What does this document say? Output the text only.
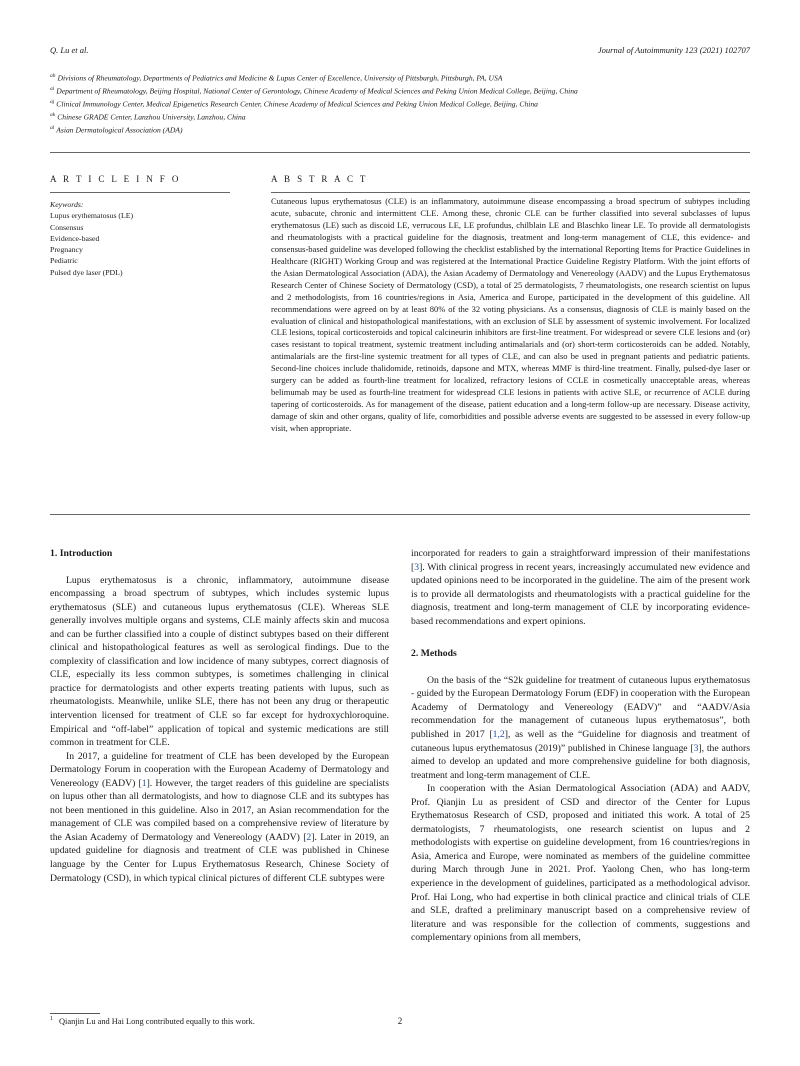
Q. Lu et al.	Journal of Autoimmunity 123 (2021) 102707
$^{ah}$ Divisions of Rheumatology, Departments of Pediatrics and Medicine & Lupus Center of Excellence, University of Pittsburgh, Pittsburgh, PA, USA
$^{ai}$ Department of Rheumatology, Beijing Hospital, National Center of Gerontology, Chinese Academy of Medical Sciences and Peking Union Medical College, Beijing, China
$^{aj}$ Clinical Immunology Center, Medical Epigenetics Research Center, Chinese Academy of Medical Sciences and Peking Union Medical College, Beijing, China
$^{ak}$ Chinese GRADE Center, Lanzhou University, Lanzhou, China
$^{al}$ Asian Dermatological Association (ADA)
A R T I C L E I N F O	A B S T R A C T
Keywords:
Lupus erythematosus (LE)
Consensus
Evidence-based
Pregnancy
Pediatric
Pulsed dye laser (PDL)
Cutaneous lupus erythematosus (CLE) is an inflammatory, autoimmune disease encompassing a broad spectrum of subtypes including acute, subacute, chronic and intermittent CLE. Among these, chronic CLE can be further classified into several subclasses of lupus erythematosus (LE) such as discoid LE, verrucous LE, LE profundus, chilblain LE and Blaschko linear LE. To provide all dermatologists and rheumatologists with a practical guideline for the diagnosis, treatment and long-term management of CLE, this evidence- and consensus-based guideline was developed following the checklist established by the international Reporting Items for Practice Guidelines in Healthcare (RIGHT) Working Group and was registered at the International Practice Guideline Registry Platform. With the joint efforts of the Asian Dermatological Association (ADA), the Asian Academy of Dermatology and Venereology (AADV) and the Lupus Erythematosus Research Center of Chinese Society of Dermatology (CSD), a total of 25 dermatologists, 7 rheumatologists, one research scientist on lupus and 2 methodologists, from 16 countries/regions in Asia, America and Europe, participated in the development of this guideline. All recommendations were agreed on by at least 80% of the 32 voting physicians. As a consensus, diagnosis of CLE is mainly based on the evaluation of clinical and histopathological manifestations, with an exclusion of SLE by assessment of systemic involvement. For localized CLE lesions, topical corticosteroids and topical calcineurin inhibitors are first-line treatment. For widespread or severe CLE lesions and (or) cases resistant to topical treatment, systemic treatment including antimalarials and (or) short-term corticosteroids can be added. Notably, antimalarials are the first-line systemic treatment for all types of CLE, and can also be used in pregnant patients and pediatric patients. Second-line choices include thalidomide, retinoids, dapsone and MTX, whereas MMF is third-line treatment. Finally, pulsed-dye laser or surgery can be added as fourth-line treatment for localized, refractory lesions of CCLE in cosmetically unacceptable areas, whereas belimumab may be used as fourth-line treatment for widespread CLE lesions in patients with active SLE, or recurrence of ACLE during tapering of corticosteroids. As for management of the disease, patient education and a long-term follow-up are necessary. Disease activity, damage of skin and other organs, quality of life, comorbidities and possible adverse events are suggested to be assessed in every follow-up visit, when appropriate.
1. Introduction

Lupus erythematosus is a chronic, inflammatory, autoimmune disease encompassing a broad spectrum of subtypes, which includes systemic lupus erythematosus (SLE) and cutaneous lupus erythematosus (CLE). Whereas SLE generally involves multiple organs and systems, CLE mainly affects skin and mucosa and can be further classified into a couple of distinct subtypes based on their different clinical and histopathological features as well as serological findings. Due to the complexity of classification and low incidence of many subtypes, correct diagnosis of CLE, especially its less common subtypes, is sometimes challenging in clinical practice for dermatologists and other experts treating patients with lupus, such as rheumatologists. Meanwhile, unlike SLE, there has not been any drug or therapeutic intervention licensed for treatment of CLE so far except for hydroxychloroquine. Empirical and “off-label” application of topical and systemic medications are still common in treatment for CLE.

In 2017, a guideline for treatment of CLE has been developed by the European Dermatology Forum in cooperation with the European Academy of Dermatology and Venereology (EADV) [1]. However, the target readers of this guideline are specialists on lupus other than all dermatologists, and how to diagnose CLE and its subtypes has not been mentioned in this guideline. Also in 2017, an Asian recommendation for the management of CLE was compiled based on a comprehensive review of literature by the Asian Academy of Dermatology and Venereology (AADV) [2]. Later in 2019, an updated guideline for diagnosis and treatment of CLE was published in Chinese language by the Center for Lupus Erythematosus Research, Chinese Society of Dermatology (CSD), in which typical clinical pictures of different CLE subtypes were

incorporated for readers to gain a straightforward impression of their manifestations [3]. With clinical progress in recent years, increasingly accumulated new evidence and updated opinions need to be incorporated in the guideline. The aim of the present work is to provide all dermatologists and rheumatologists with a practical guideline for the diagnosis, treatment and long-term management of CLE by incorporating evidence-based recommendations and expert opinions.

2. Methods

On the basis of the “S2k guideline for treatment of cutaneous lupus erythematosus - guided by the European Dermatology Forum (EDF) in cooperation with the European Academy of Dermatology and Venereology (EADV)” and “AADV/Asia recommendation for the management of cutaneous lupus erythematosus”, both published in 2017 [1,2], as well as the “Guideline for diagnosis and treatment of cutaneous lupus erythematosus (2019)” published in Chinese language [3], the authors aimed to develop an updated and more comprehensive guideline for both diagnosis, treatment and long-term management of CLE.

In cooperation with the Asian Dermatological Association (ADA) and AADV, Prof. Qianjin Lu as president of CSD and director of the Center for Lupus Erythematosus Research of CSD, proposed and initiated this work. A total of 25 dermatologists, 7 rheumatologists, one research scientist on lupus and 2 methodologists with expertise on guideline development, from 16 countries/regions in Asia, America and Europe, were nominated as members of the guideline committee during March through June in 2021. Prof. Yaolong Chen, who has long-term experience in the development of guidelines, participated as a methodological advisor. Prof. Hai Long, who had expertise in both clinical practice and clinical trials of CLE and SLE, drafted a preliminary manuscript based on a comprehensive review of literature and was responsible for the collection of comments, suggestions and complementary opinions from all members,

$^1$ Qianjin Lu and Hai Long contributed equally to this work.	2
